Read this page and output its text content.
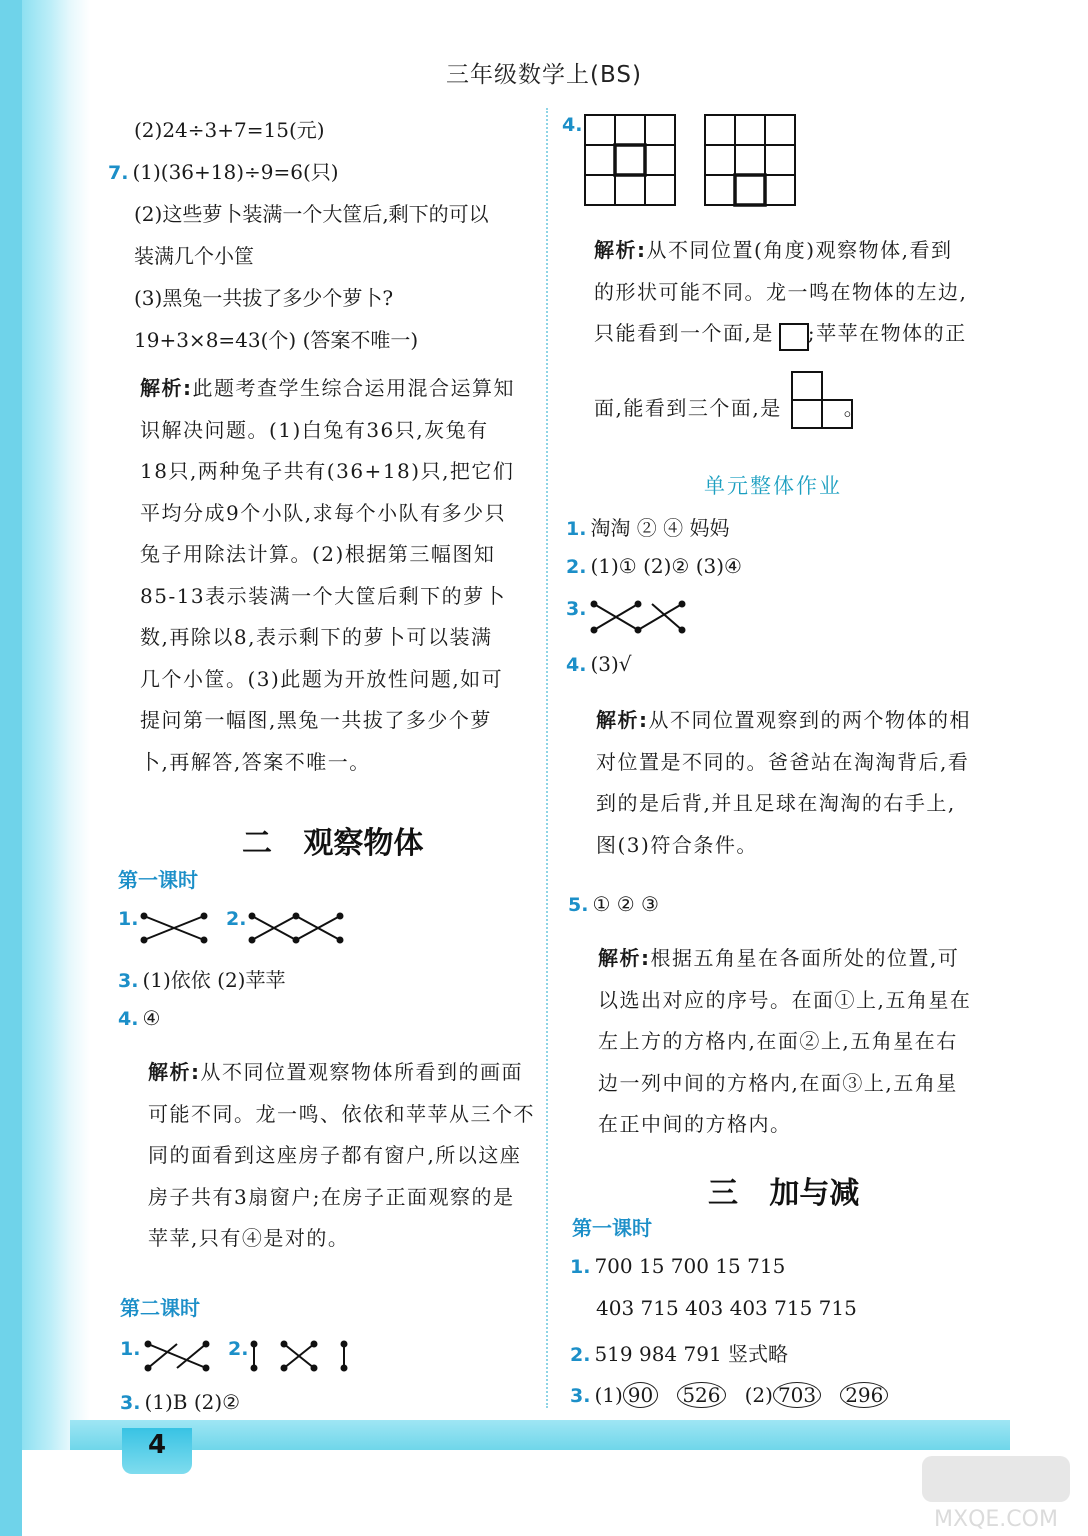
4
三年级数学上(BS)
(2)24÷3+7=15(元)
7. (1)(36+18)÷9=6(只)
(2)这些萝卜装满一个大筐后,剩下的可以
装满几个小筐
(3)黑兔一共拔了多少个萝卜?
19+3×8=43(个) (答案不唯一)
解析:此题考查学生综合运用混合运算知
识解决问题。(1)白兔有36只,灰兔有
18只,两种兔子共有(36+18)只,把它们
平均分成9个小队,求每个小队有多少只
兔子用除法计算。(2)根据第三幅图知
85-13表示装满一个大筐后剩下的萝卜
数,再除以8,表示剩下的萝卜可以装满
几个小筐。(3)此题为开放性问题,如可
提问第一幅图,黑兔一共拔了多少个萝
卜,再解答,答案不唯一。
二   观察物体
第一课时
1.	2.
3. (1)依依 (2)苹苹
4. ④
解析:从不同位置观察物体所看到的画面
可能不同。龙一鸣、依依和苹苹从三个不
同的面看到这座房子都有窗户,所以这座
房子共有3扇窗户;在房子正面观察的是
苹苹,只有④是对的。
第二课时
1.	2.
3. (1)B (2)②
4.
解析:从不同位置(角度)观察物体,看到
的形状可能不同。龙一鸣在物体的左边,
只能看到一个面,是 ;苹苹在物体的正
面,能看到三个面,是	。
单元整体作业
1. 淘淘 ② ④ 妈妈
2. (1)① (2)② (3)④
3.
4. (3)√
解析:从不同位置观察到的两个物体的相
对位置是不同的。爸爸站在淘淘背后,看
到的是后背,并且足球在淘淘的右手上,
图(3)符合条件。
5. ① ② ③
解析:根据五角星在各面所处的位置,可
以选出对应的序号。在面①上,五角星在
左上方的方格内,在面②上,五角星在右
边一列中间的方格内,在面③上,五角星
在正中间的方格内。
三   加与减
第一课时
1. 700 15 700 15 715
403 715 403 403 715 715
2. 519 984 791 竖式略
3. (1) 90 526 (2) 703 296
MXQE.COM
